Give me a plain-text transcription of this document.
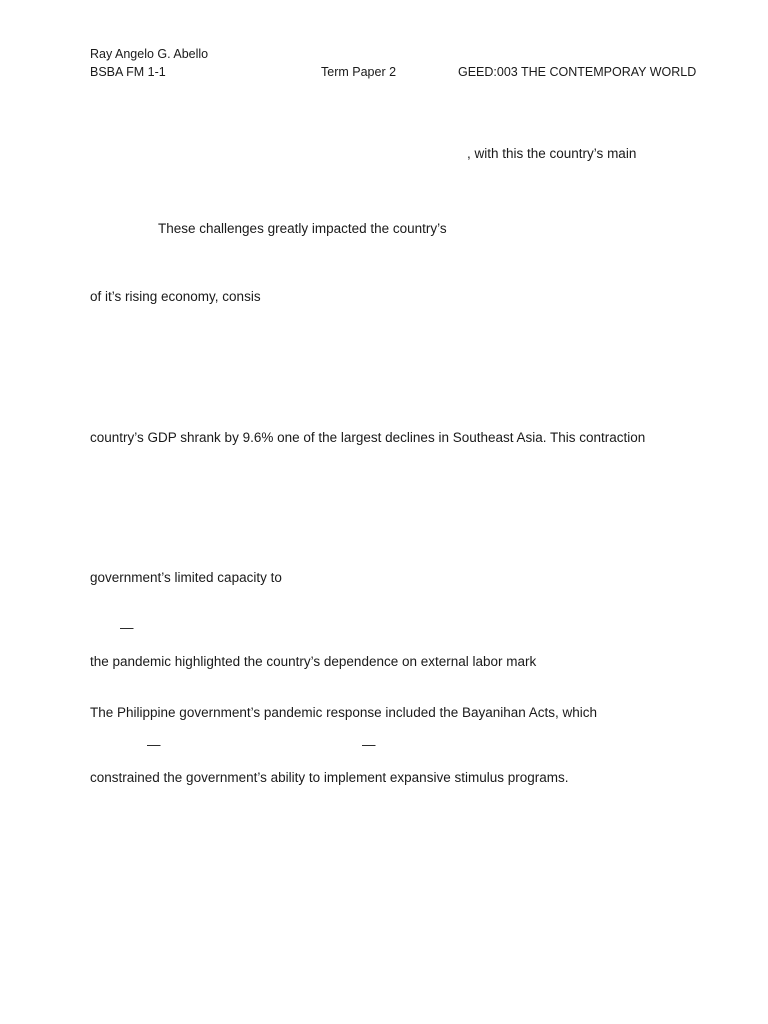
Ray Angelo G. Abello
BSBA FM 1-1	Term Paper 2	GEED:003 THE CONTEMPORAY WORLD
, with this the country’s main
These challenges greatly impacted the country’s
of it’s rising economy, consis
country’s GDP shrank by 9.6% one of the largest declines in Southeast Asia. This contraction
government’s limited capacity to
—
the pandemic highlighted the country’s dependence on external labor mark
The Philippine government’s pandemic response included the Bayanihan Acts, which
—	—
constrained the government’s ability to implement expansive stimulus programs.
